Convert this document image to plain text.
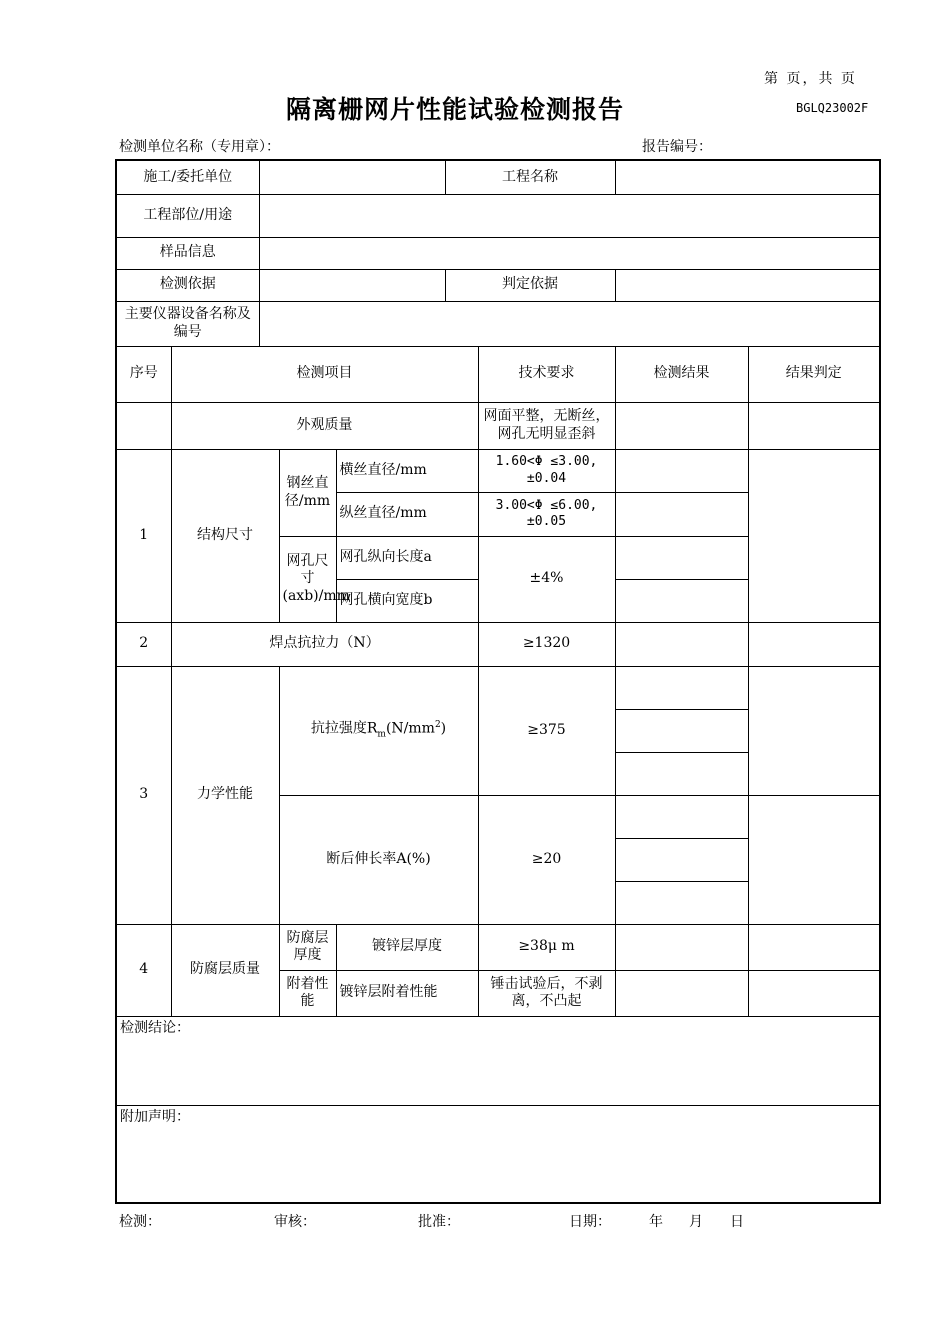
第 页，共 页
隔离栅网片性能试验检测报告	BGLQ23002F
检测单位名称（专用章）：	报告编号：
施工/委托单位					工程名称			
工程部位/用途								
样品信息								
检测依据					判定依据			
主要仪器设备名称及编号								
序号	检测项目					技术要求	检测结果	结果判定
	外观质量					网面平整，无断丝，网孔无明显歪斜		
1	结构尺寸		钢丝直径/mm	横丝直径/mm		1.60<Φ ≤3.00,±0.04		
				纵丝直径/mm		3.00<Φ ≤6.00,±0.05		
			网孔尺寸(axb)/mm	网孔纵向长度a		±4%		
				网孔横向宽度b				
2	焊点抗拉力（N）					≥1320		
3	力学性能		抗拉强度$R_m(N/mm^2)$			≥375		

			断后伸长率A(%)			≥20		

4	防腐层质量		防腐层厚度	镀锌层厚度		≥38μ m		
			附着性能	镀锌层附着性能		锤击试验后，不剥离，不凸起		
检测结论：								
附加声明：								
检测：	审核：	批准：	日期：	年 月 日
